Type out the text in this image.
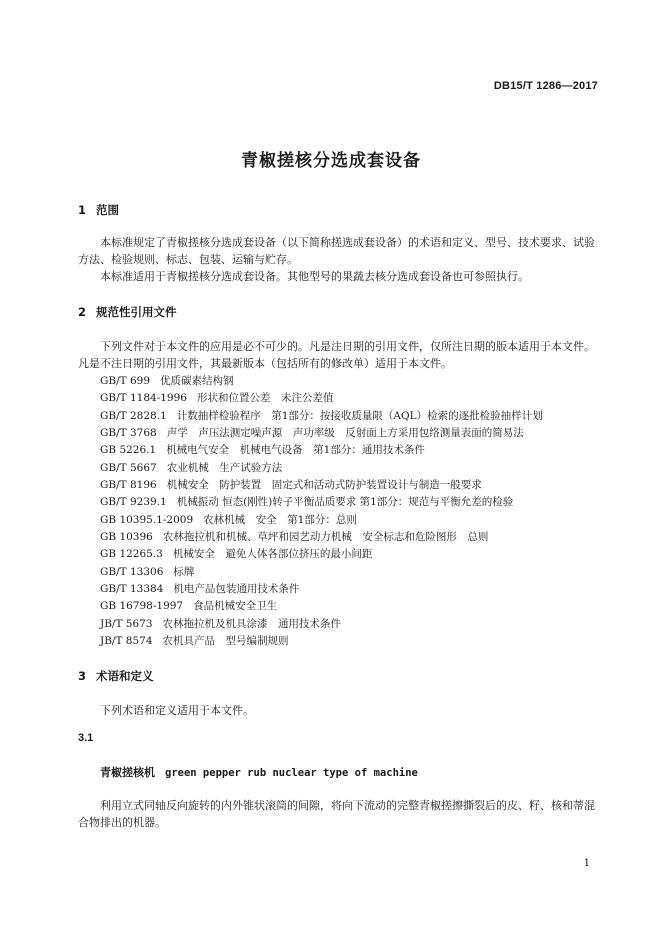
DB15/T 1286—2017
青椒搓核分选成套设备
1 范围

本标准规定了青椒搓核分选成套设备（以下简称搓选成套设备）的术语和定义、型号、技术要求、试验方法、检验规则、标志、包装、运输与贮存。

本标准适用于青椒搓核分选成套设备。其他型号的果蔬去核分选成套设备也可参照执行。

2 规范性引用文件

下列文件对于本文件的应用是必不可少的。凡是注日期的引用文件，仅所注日期的版本适用于本文件。凡是不注日期的引用文件，其最新版本（包括所有的修改单）适用于本文件。

GB/T 699 优质碳素结构钢
GB/T 1184-1996 形状和位置公差　未注公差值
GB/T 2828.1 计数抽样检验程序　第1部分：按接收质量限（AQL）检索的逐批检验抽样计划
GB/T 3768 声学　声压法测定噪声源　声功率级　反射面上方采用包络测量表面的简易法
GB 5226.1 机械电气安全　机械电气设备　第1部分：通用技术条件
GB/T 5667 农业机械　生产试验方法
GB/T 8196 机械安全　防护装置　固定式和活动式防护装置设计与制造一般要求
GB/T 9239.1 机械振动 恒态(刚性)转子平衡品质要求 第1部分：规范与平衡允差的检验
GB 10395.1-2009 农林机械　安全　第1部分：总则
GB 10396 农林拖拉机和机械、草坪和园艺动力机械　安全标志和危险图形　总则
GB 12265.3 机械安全　避免人体各部位挤压的最小间距
GB/T 13306 标牌
GB/T 13384 机电产品包装通用技术条件
GB 16798-1997 食品机械安全卫生
JB/T 5673 农林拖拉机及机具涂漆　通用技术条件
JB/T 8574 农机具产品　型号编制规则
3 术语和定义

下列术语和定义适用于本文件。

3.1
青椒搓核机 green pepper rub nuclear type of machine

利用立式同轴反向旋转的内外锥状滚筒的间隙，将向下流动的完整青椒搓擦撕裂后的皮、籽、核和蒂混合物排出的机器。

1
